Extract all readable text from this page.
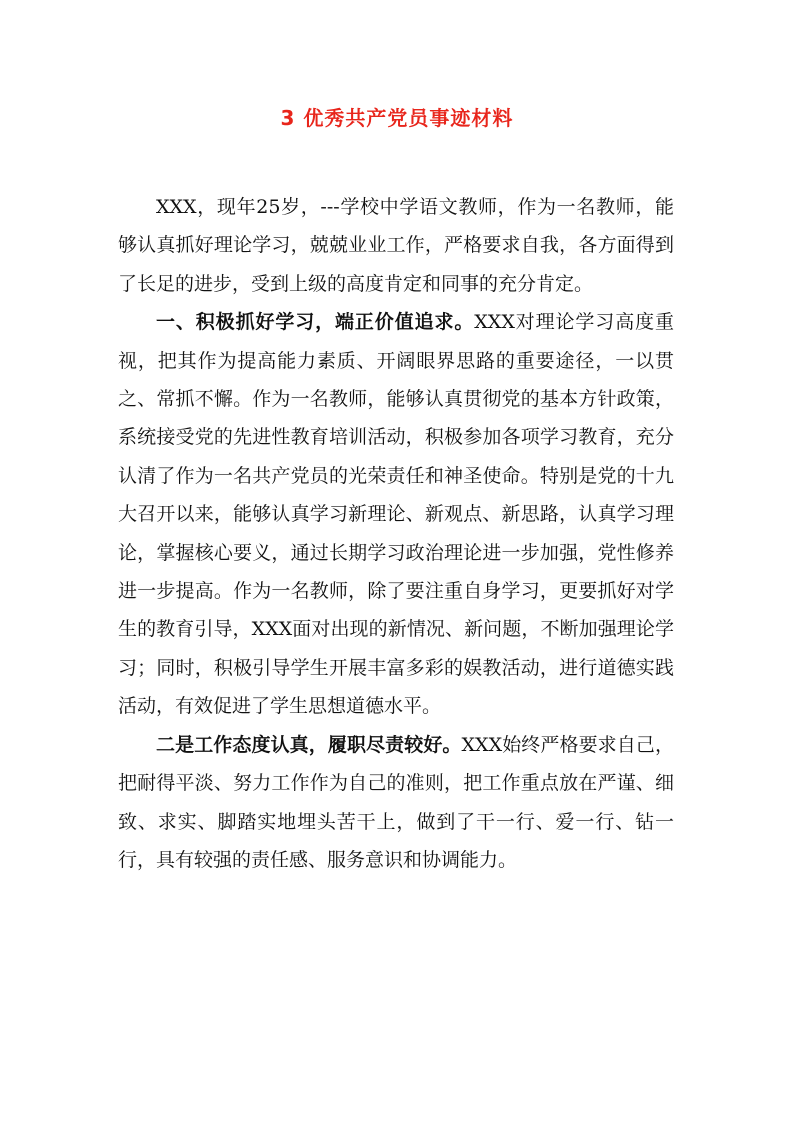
3 优秀共产党员事迹材料

XXX，现年25岁，---学校中学语文教师，作为一名教师，能够认真抓好理论学习，兢兢业业工作，严格要求自我，各方面得到了长足的进步，受到上级的高度肯定和同事的充分肯定。

一、积极抓好学习，端正价值追求。XXX对理论学习高度重视，把其作为提高能力素质、开阔眼界思路的重要途径，一以贯之、常抓不懈。作为一名教师，能够认真贯彻党的基本方针政策，系统接受党的先进性教育培训活动，积极参加各项学习教育，充分认清了作为一名共产党员的光荣责任和神圣使命。特别是党的十九大召开以来，能够认真学习新理论、新观点、新思路，认真学习理论，掌握核心要义，通过长期学习政治理论进一步加强，党性修养进一步提高。作为一名教师，除了要注重自身学习，更要抓好对学生的教育引导，XXX面对出现的新情况、新问题，不断加强理论学习；同时，积极引导学生开展丰富多彩的娱教活动，进行道德实践活动，有效促进了学生思想道德水平。

二是工作态度认真，履职尽责较好。XXX始终严格要求自己，把耐得平淡、努力工作作为自己的准则，把工作重点放在严谨、细致、求实、脚踏实地埋头苦干上，做到了干一行、爱一行、钻一行，具有较强的责任感、服务意识和协调能力。
